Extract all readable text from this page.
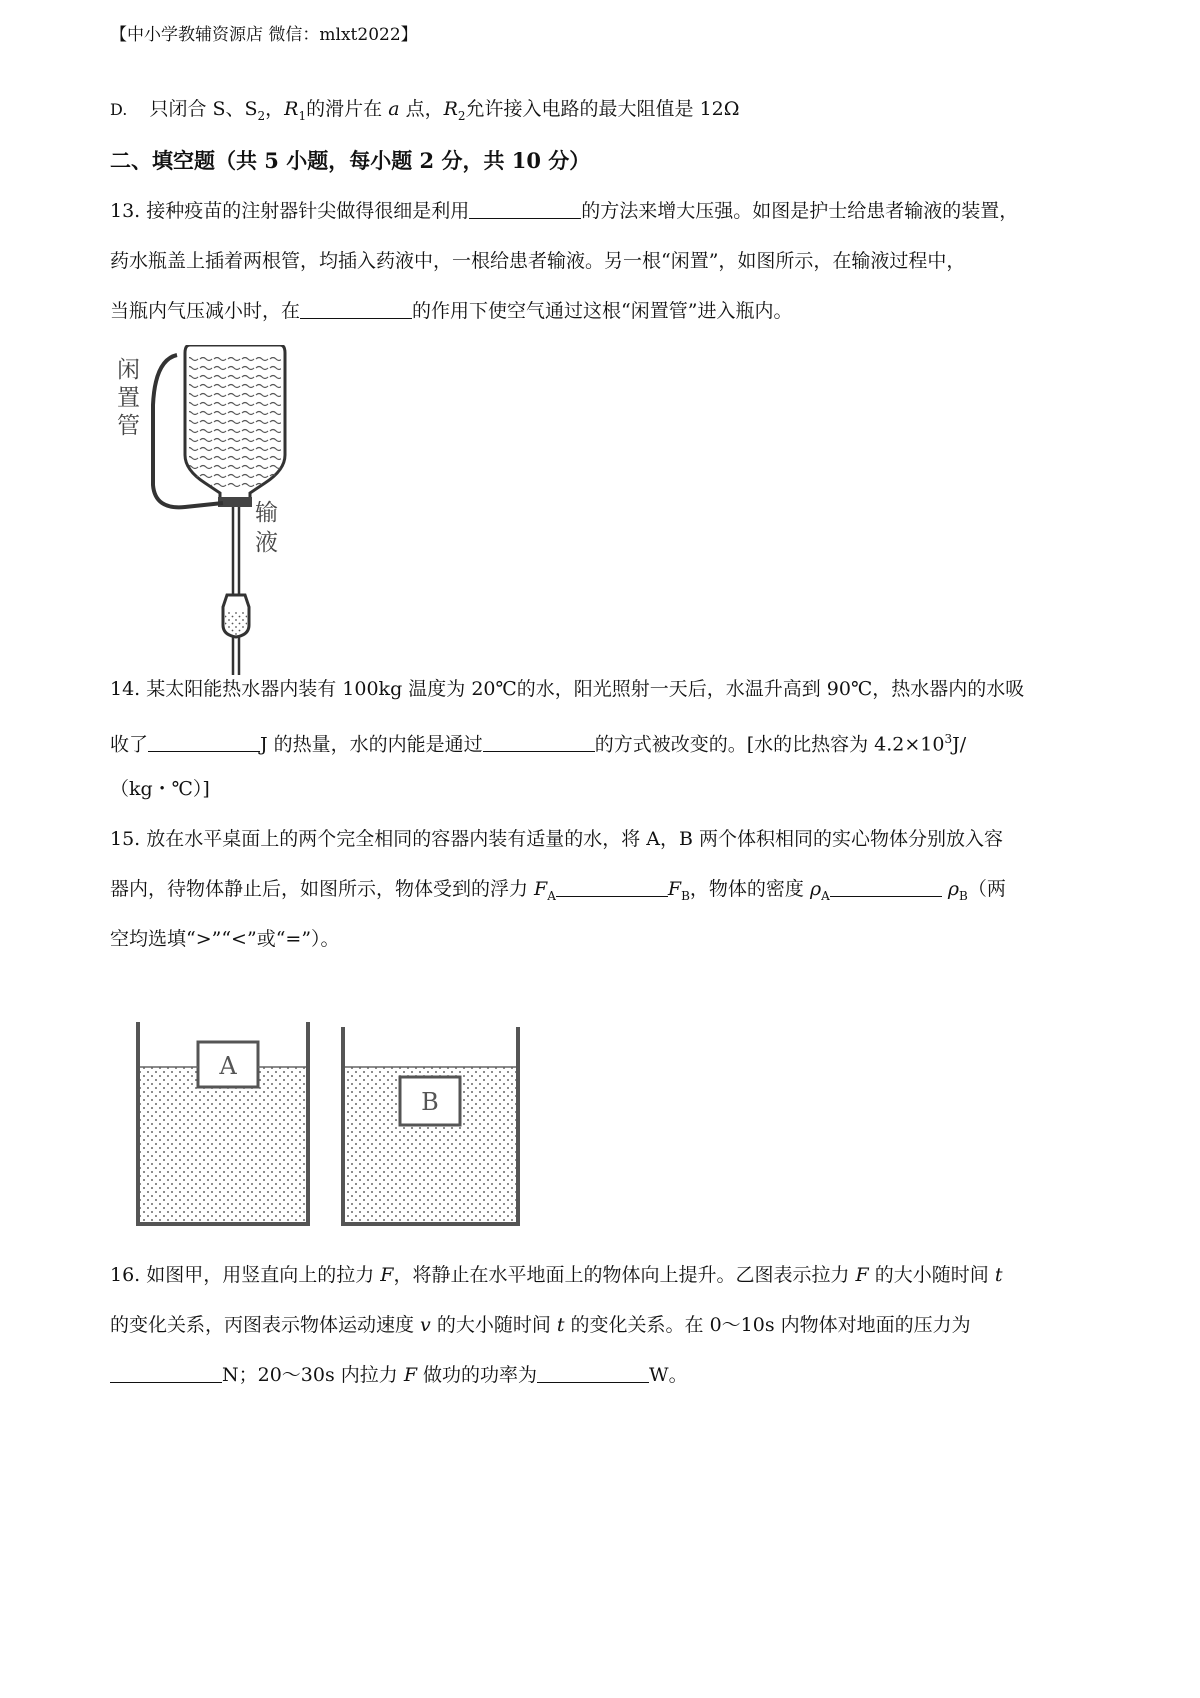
【中小学教辅资源店 微信：mlxt2022】
D. 只闭合 S、$S_2$，$R_1$的滑片在 a 点，$R_2$允许接入电路的最大阻值是 12Ω
二、填空题（共 5 小题，每小题 2 分，共 10 分）
13. 接种疫苗的注射器针尖做得很细是利用	的方法来增大压强。如图是护士给患者输液的装置，
药水瓶盖上插着两根管，均插入药液中，一根给患者输液。另一根“闲置”，如图所示，在输液过程中，
当瓶内气压减小时，在	的作用下使空气通过这根“闲置管”进入瓶内。
闲
置
管
输
液
14. 某太阳能热水器内装有 100kg 温度为 20℃的水，阳光照射一天后，水温升高到 90℃，热水器内的水吸
收了	J 的热量，水的内能是通过	的方式被改变的。[水的比热容为 $4.2\times 10^3J/$
（kg・℃）]
15. 放在水平桌面上的两个完全相同的容器内装有适量的水，将 A，B 两个体积相同的实心物体分别放入容
器内，待物体静止后，如图所示，物体受到的浮力 $F_A$	$F_B$，物体的密度 $\rho_A$	$\rho_B$（两
空均选填“>”“<”或“=”）。
A
B
16. 如图甲，用竖直向上的拉力 F，将静止在水平地面上的物体向上提升。乙图表示拉力 F 的大小随时间 t
的变化关系，丙图表示物体运动速度 v 的大小随时间 t 的变化关系。在 0～10s 内物体对地面的压力为
N；20～30s 内拉力 F 做功的功率为	W。
